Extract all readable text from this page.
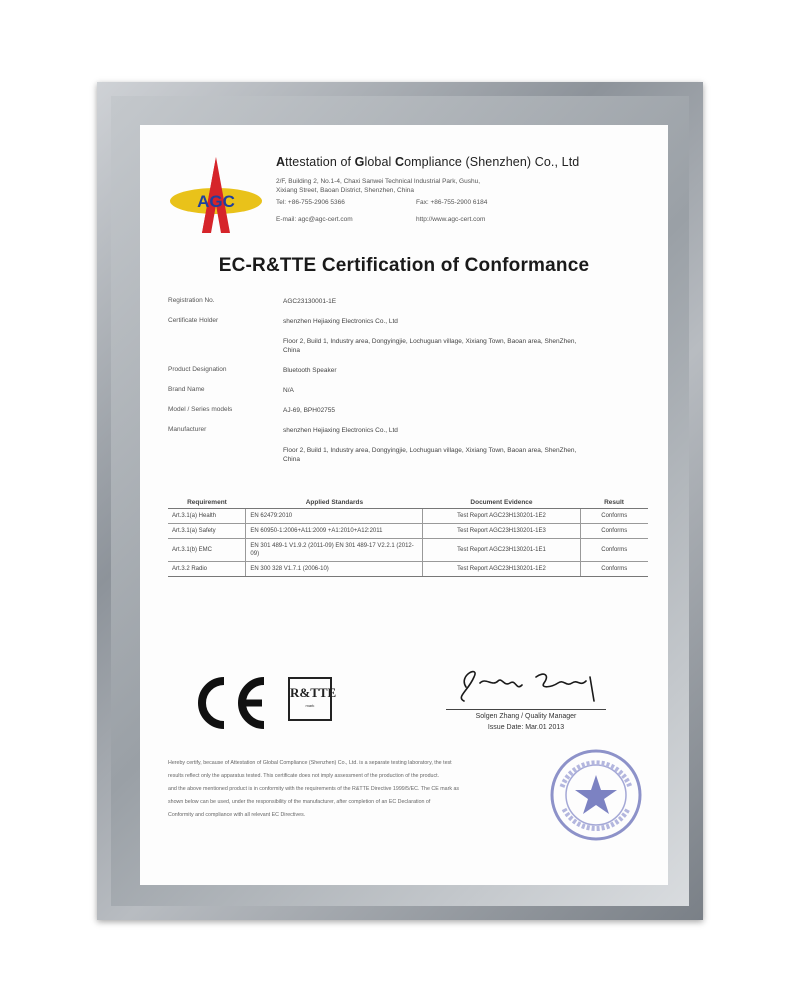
AGC
Attestation of Global Compliance (Shenzhen) Co., Ltd
2/F, Building 2, No.1-4, Chaxi Sanwei Technical Industrial Park, Gushu,
Xixiang Street, Baoan District, Shenzhen, China
Tel: +86-755-2906 5366	Fax: +86-755-2900 6184
E-mail: agc@agc-cert.com	http://www.agc-cert.com
EC-R&TTE Certification of Conformance
Registration No.	AGC23130001-1E
Certificate Holder	shenzhen Hejiaxing Electronics Co., Ltd
Floor 2, Build 1, Industry area, Dongyingjie, Lochuguan village, Xixiang Town, Baoan area, ShenZhen, China
Product Designation	Bluetooth Speaker
Brand Name	N/A
Model / Series models	AJ-69, BPH02755
Manufacturer	shenzhen Hejiaxing Electronics Co., Ltd
Floor 2, Build 1, Industry area, Dongyingjie, Lochuguan village, Xixiang Town, Baoan area, ShenZhen, China
Requirement	Applied Standards	Document Evidence	Result
Art.3.1(a) Health	EN 62479:2010	Test Report AGC23H130201-1E2	Conforms
Art.3.1(a) Safety	EN 60950-1:2006+A11:2009 +A1:2010+A12:2011	Test Report AGC23H130201-1E3	Conforms
Art.3.1(b) EMC	EN 301 489-1 V1.9.2 (2011-09) EN 301 489-17 V2.2.1 (2012-09)	Test Report AGC23H130201-1E1	Conforms
Art.3.2 Radio	EN 300 328 V1.7.1 (2006-10)	Test Report AGC23H130201-1E2	Conforms
R&TTE
mark
Solgen Zhang / Quality Manager
Issue Date: Mar.01 2013
Hereby certify, because of Attestation of Global Compliance (Shenzhen) Co., Ltd. is a separate testing laboratory, the test
results reflect only the apparatus tested. This certificate does not imply assessment of the production of the product.
and the above mentioned product is in conformity with the requirements of the R&TTE Directive 1999/5/EC. The CE mark as
shown below can be used, under the responsibility of the manufacturer, after completion of an EC Declaration of
Conformity and compliance with all relevant EC Directives.
